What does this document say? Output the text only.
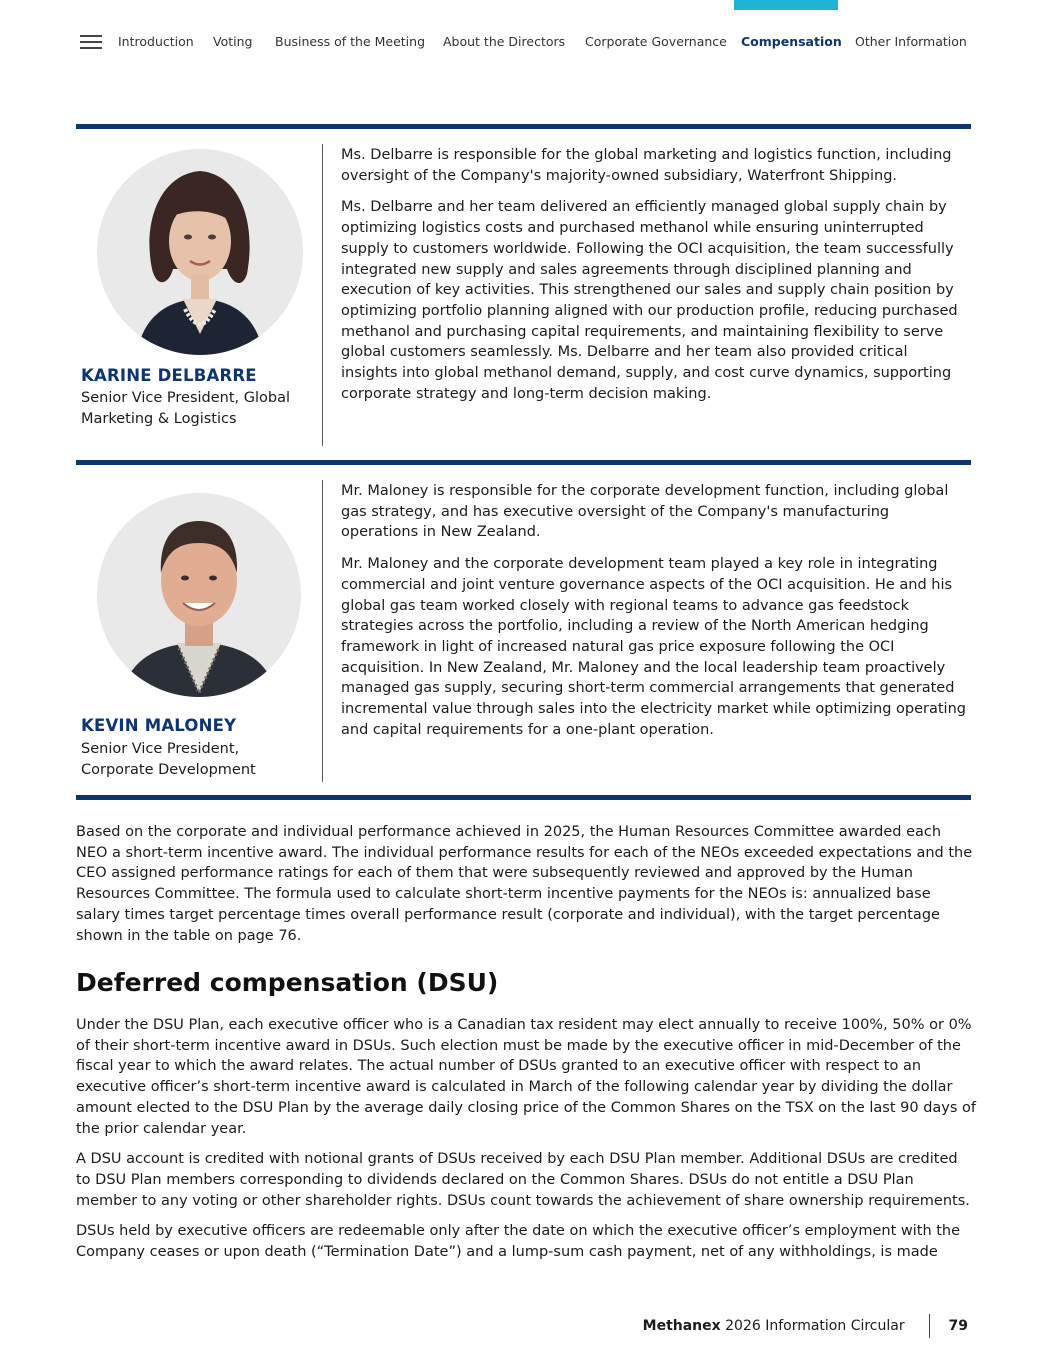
Introduction Voting Business of the Meeting About the Directors Corporate Governance Compensation Other Information
KARINE DELBARRE
Senior Vice President, Global Marketing & Logistics

Ms. Delbarre is responsible for the global marketing and logistics function, including oversight of the Company's majority-owned subsidiary, Waterfront Shipping.

Ms. Delbarre and her team delivered an efficiently managed global supply chain by optimizing logistics costs and purchased methanol while ensuring uninterrupted supply to customers worldwide. Following the OCI acquisition, the team successfully integrated new supply and sales agreements through disciplined planning and execution of key activities. This strengthened our sales and supply chain position by optimizing portfolio planning aligned with our production profile, reducing purchased methanol and purchasing capital requirements, and maintaining flexibility to serve global customers seamlessly. Ms. Delbarre and her team also provided critical insights into global methanol demand, supply, and cost curve dynamics, supporting corporate strategy and long-term decision making.

KEVIN MALONEY
Senior Vice President, Corporate Development

Mr. Maloney is responsible for the corporate development function, including global gas strategy, and has executive oversight of the Company's manufacturing operations in New Zealand.

Mr. Maloney and the corporate development team played a key role in integrating commercial and joint venture governance aspects of the OCI acquisition. He and his global gas team worked closely with regional teams to advance gas feedstock strategies across the portfolio, including a review of the North American hedging framework in light of increased natural gas price exposure following the OCI acquisition. In New Zealand, Mr. Maloney and the local leadership team proactively managed gas supply, securing short-term commercial arrangements that generated incremental value through sales into the electricity market while optimizing operating and capital requirements for a one-plant operation.

Based on the corporate and individual performance achieved in 2025, the Human Resources Committee awarded each NEO a short-term incentive award. The individual performance results for each of the NEOs exceeded expectations and the CEO assigned performance ratings for each of them that were subsequently reviewed and approved by the Human Resources Committee. The formula used to calculate short-term incentive payments for the NEOs is: annualized base salary times target percentage times overall performance result (corporate and individual), with the target percentage shown in the table on page 76.

Deferred compensation (DSU)

Under the DSU Plan, each executive officer who is a Canadian tax resident may elect annually to receive 100%, 50% or 0% of their short-term incentive award in DSUs. Such election must be made by the executive officer in mid-December of the fiscal year to which the award relates. The actual number of DSUs granted to an executive officer with respect to an executive officer’s short-term incentive award is calculated in March of the following calendar year by dividing the dollar amount elected to the DSU Plan by the average daily closing price of the Common Shares on the TSX on the last 90 days of the prior calendar year.

A DSU account is credited with notional grants of DSUs received by each DSU Plan member. Additional DSUs are credited to DSU Plan members corresponding to dividends declared on the Common Shares. DSUs do not entitle a DSU Plan member to any voting or other shareholder rights. DSUs count towards the achievement of share ownership requirements.

DSUs held by executive officers are redeemable only after the date on which the executive officer’s employment with the Company ceases or upon death (“Termination Date”) and a lump-sum cash payment, net of any withholdings, is made

Methanex 2026 Information Circular	79
